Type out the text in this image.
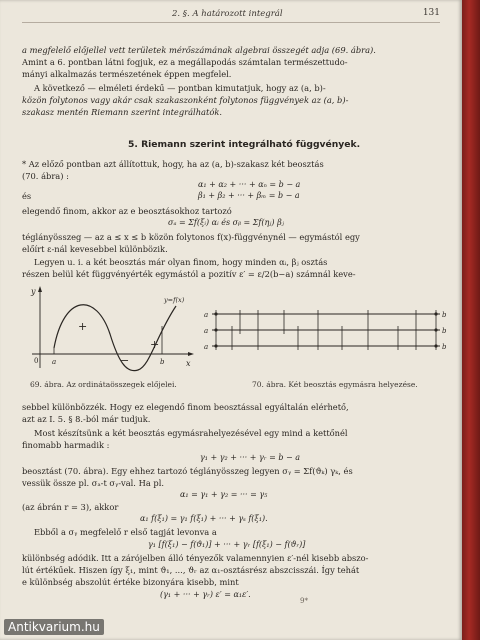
2. §. A határozott integrál	131
a megfelelő előjellel vett területek mérőszámának algebrai összegét adja (69. ábra).
Amint a 6. pontban látni fogjuk, ez a megállapodás számtalan természettudo-
mányi alkalmazás természetének éppen megfelel.
A következő — elméleti érdekű — pontban kimutatjuk, hogy az (a, b)-
közön folytonos vagy akár csak szakaszonként folytonos függvények az (a, b)-
szakasz mentén Riemann szerint integrálhatók.
5. Riemann szerint integrálható függvények.
* Az előző pontban azt állítottuk, hogy, ha az (a, b)-szakasz két beosztás
(70. ábra) :
α₁ + α₂ + ··· + αₙ = b − a
és	β₁ + β₂ + ··· + βₘ = b − a
elegendő finom, akkor az e beosztásokhoz tartozó
σₐ = Σf(ξᵢ) αᵢ és σᵦ = Σf(ηⱼ) βⱼ
téglányösszeg — az a ≤ x ≤ b közön folytonos f(x)-függvénynél — egymástól egy
előírt ε-nál kevesebbel különbözik.
Legyen u. i. a két beosztás már olyan finom, hogy minden αᵢ, βⱼ osztás
részen belül két függvényérték egymástól a pozitív ε′ = ε/2(b−a) számnál keve-
y
x
y=f(x)
0 a	b
+
−
+
a
a
a
b
b
b
69. ábra. Az ordinátaösszegek előjelei.	70. ábra. Két beosztás egymásra helyezése.
sebbel különbözzék. Hogy ez elegendő finom beosztással egyáltalán elérhető,
azt az I. 5. § 8.-ból már tudjuk.
Most készítsünk a két beosztás egymásrahelyezésével egy mind a kettőnél
finomabb harmadik :
γ₁ + γ₂ + ··· + γᵣ = b − a
beosztást (70. ábra). Egy ehhez tartozó téglányösszeg legyen σᵧ = Σf(ϑₖ) γₖ, és
vessük össze pl. σₐ-t σᵧ-val. Ha pl.
α₁ = γ₁ + γ₂ = ··· = γ₅
(az ábrán r = 3), akkor
α₁ f(ξ₁) = γ₁ f(ξ₁) + ··· + γₛ f(ξ₁).
Ebből a σᵧ megfelelő r első tagját levonva a
γ₁ [f(ξ₁) − f(ϑ₁)] + ··· + γᵣ [f(ξ₁) − f(ϑᵣ)]
különbség adódik. Itt a zárójelben álló tényezők valamennyien ε′-nél kisebb abszo-
lút értékűek. Hiszen így ξ₁, mint ϑ₁, ..., ϑᵣ az α₁-osztásrész abszcisszái. Így tehát
e különbség abszolút értéke bizonyára kisebb, mint
(γ₁ + ··· + γᵣ) ε′ = α₁ε′.
9*
Antikvarium.hu
